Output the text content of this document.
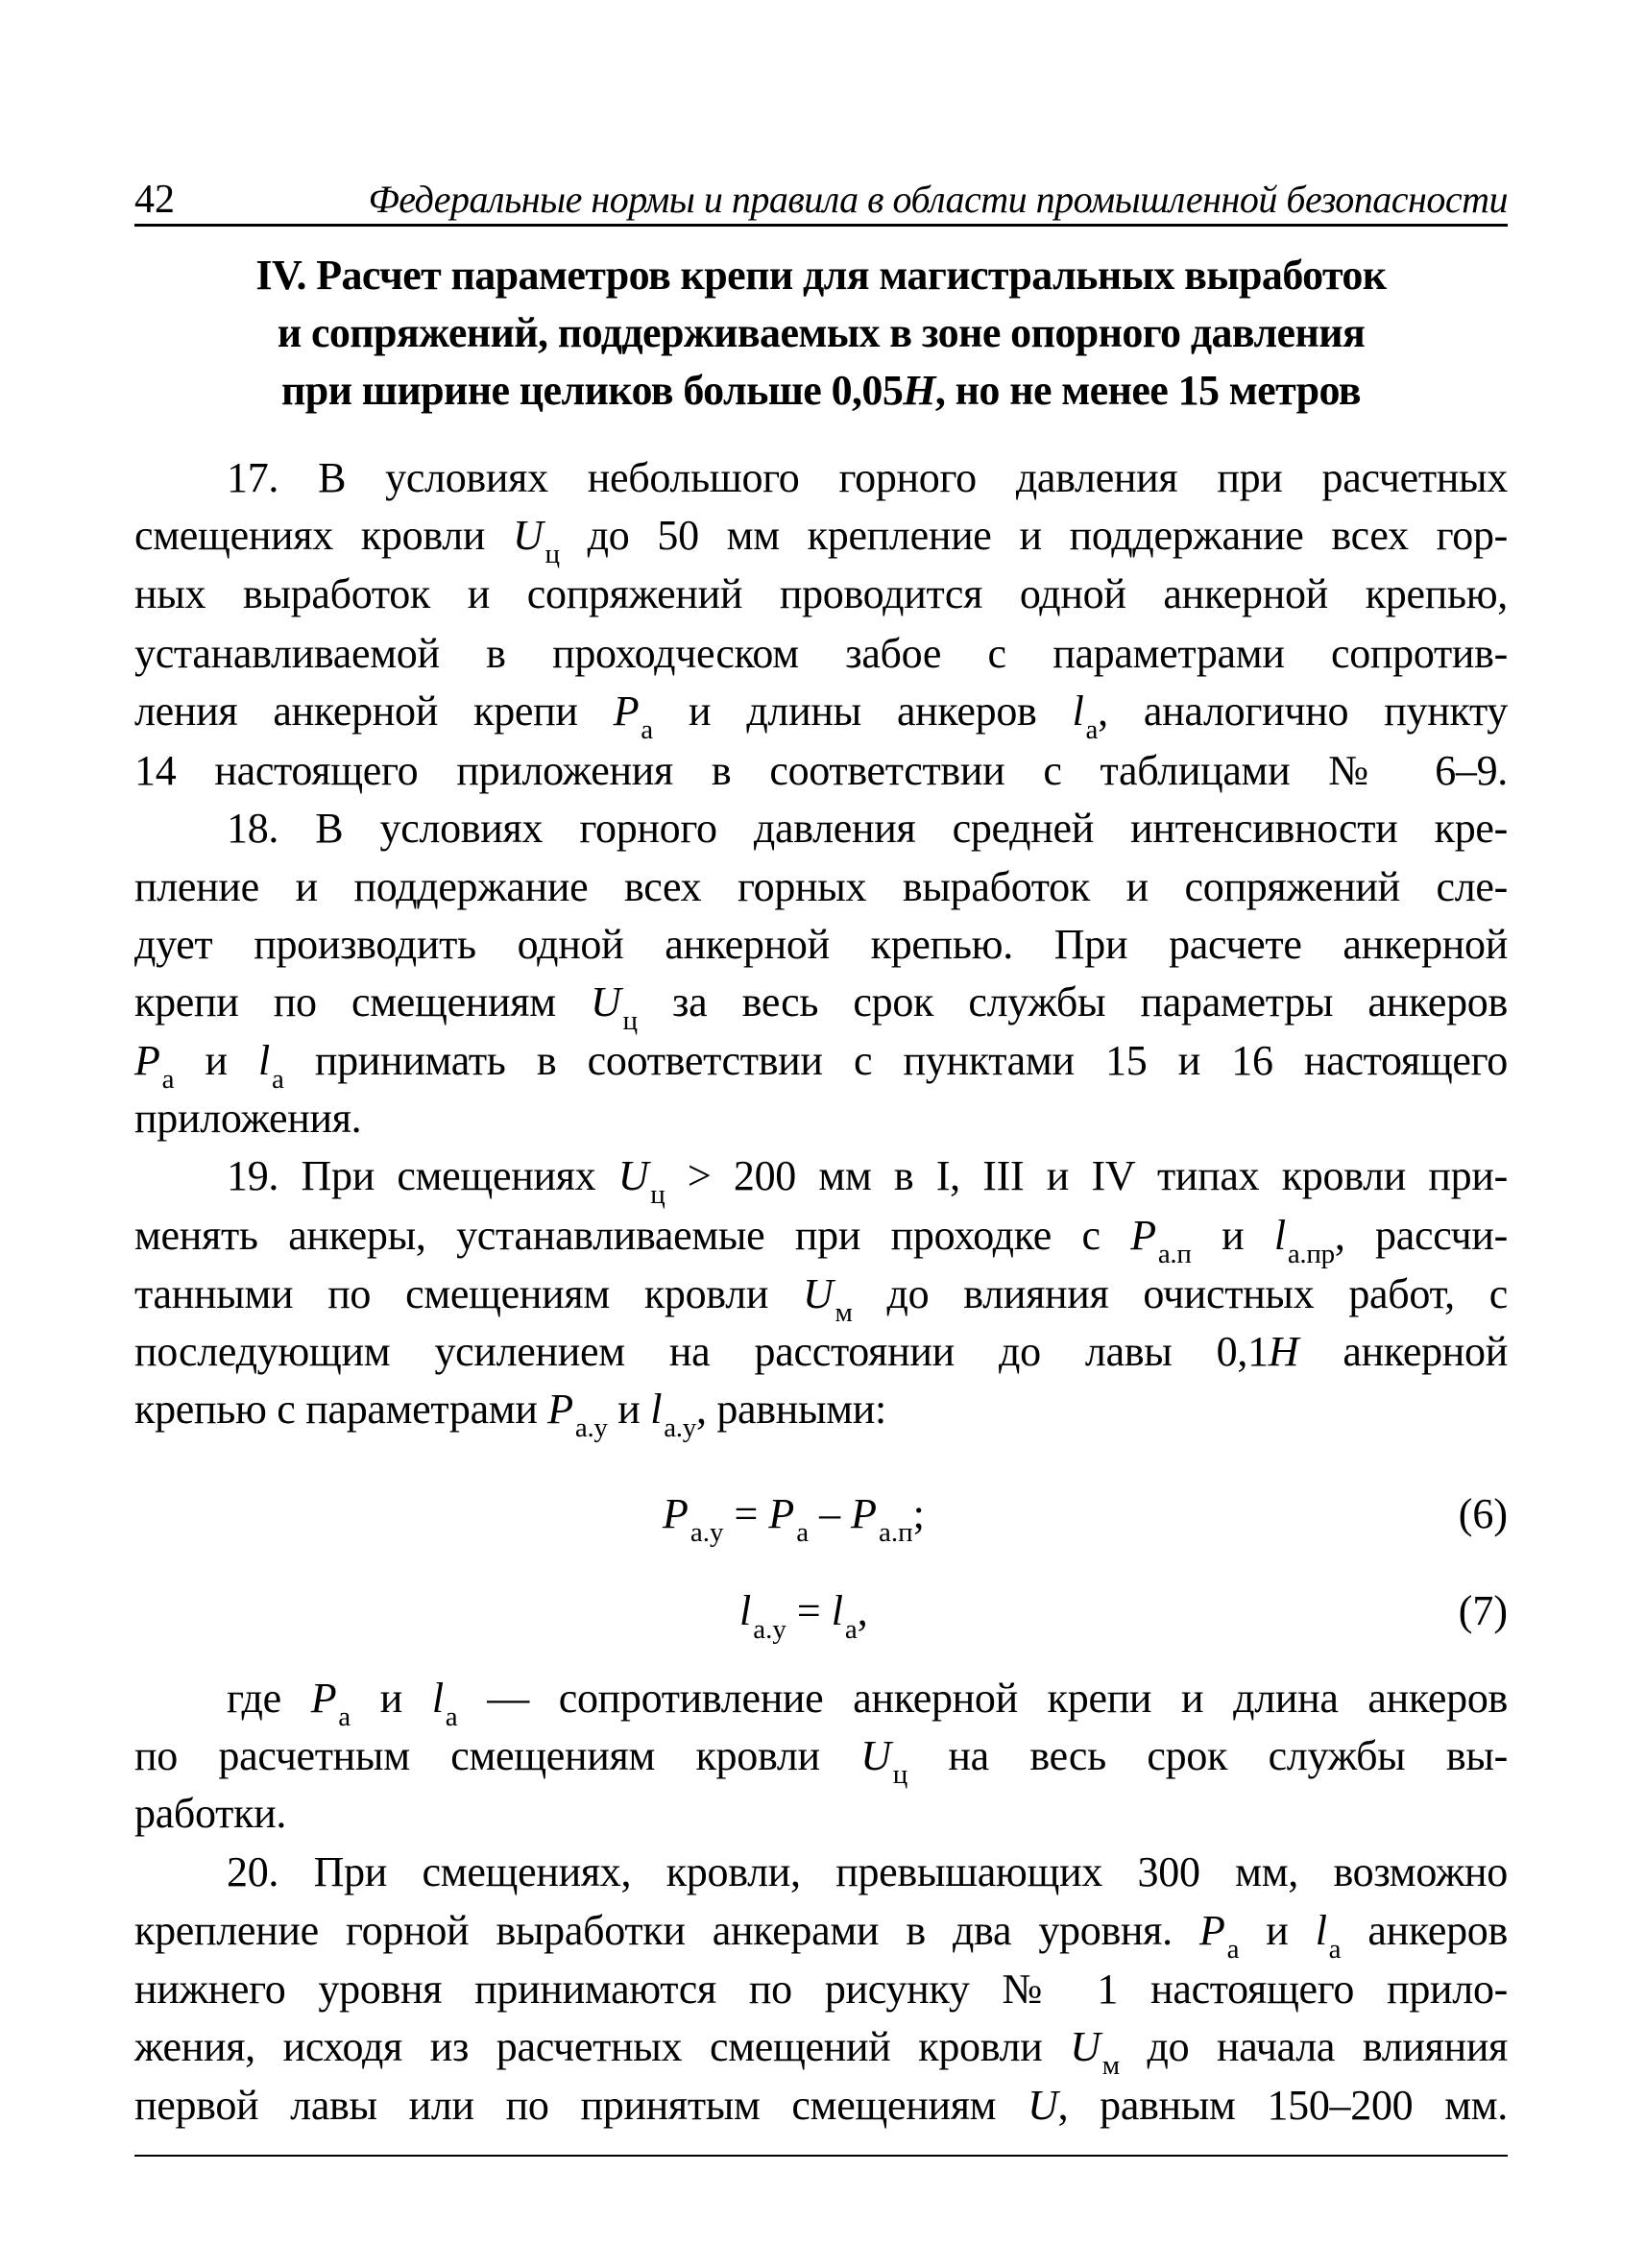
42	Федеральные нормы и правила в области промышленной безопасности
IV. Расчет параметров крепи для магистральных выработок
и сопряжений, поддерживаемых в зоне опорного давления
при ширине целиков больше 0,05H, но не менее 15 метров
17. В условиях небольшого горного давления при расчетных
смещениях кровли $U_ц$ до 50 мм крепление и поддержание всех гор-
ных выработок и сопряжений проводится одной анкерной крепью,
устанавливаемой в проходческом забое с параметрами сопротив-
ления анкерной крепи $P_а$ и длины анкеров $l_а$, аналогично пункту
14 настоящего приложения в соответствии с таблицами № 6–9.
18. В условиях горного давления средней интенсивности кре-
пление и поддержание всех горных выработок и сопряжений сле-
дует производить одной анкерной крепью. При расчете анкерной
крепи по смещениям $U_ц$ за весь срок службы параметры анкеров
$P_а$ и $l_а$ принимать в соответствии с пунктами 15 и 16 настоящего
приложения.
19. При смещениях $U_ц > 200$ мм в I, III и IV типах кровли при-
менять анкеры, устанавливаемые при проходке с $P_{а.п}$ и $l_{а.пр}$, рассчи-
танными по смещениям кровли $U_м$ до влияния очистных работ, с
последующим усилением на расстоянии до лавы 0,1H анкерной
крепью с параметрами $P_{а.у}$ и $l_{а.у}$, равными:
где $P_а$ и $l_а$ — сопротивление анкерной крепи и длина анкеров
по расчетным смещениям кровли $U_ц$ на весь срок службы вы-
работки.
20. При смещениях, кровли, превышающих 300 мм, возможно
крепление горной выработки анкерами в два уровня. $P_а$ и $l_а$ анкеров
нижнего уровня принимаются по рисунку № 1 настоящего прило-
жения, исходя из расчетных смещений кровли $U_м$ до начала влияния
первой лавы или по принятым смещениям U, равным 150–200 мм.
$P_{а.у} = P_а - P_{а.п}$;	(6)
$l_{а.у} = l_а$,	(7)
